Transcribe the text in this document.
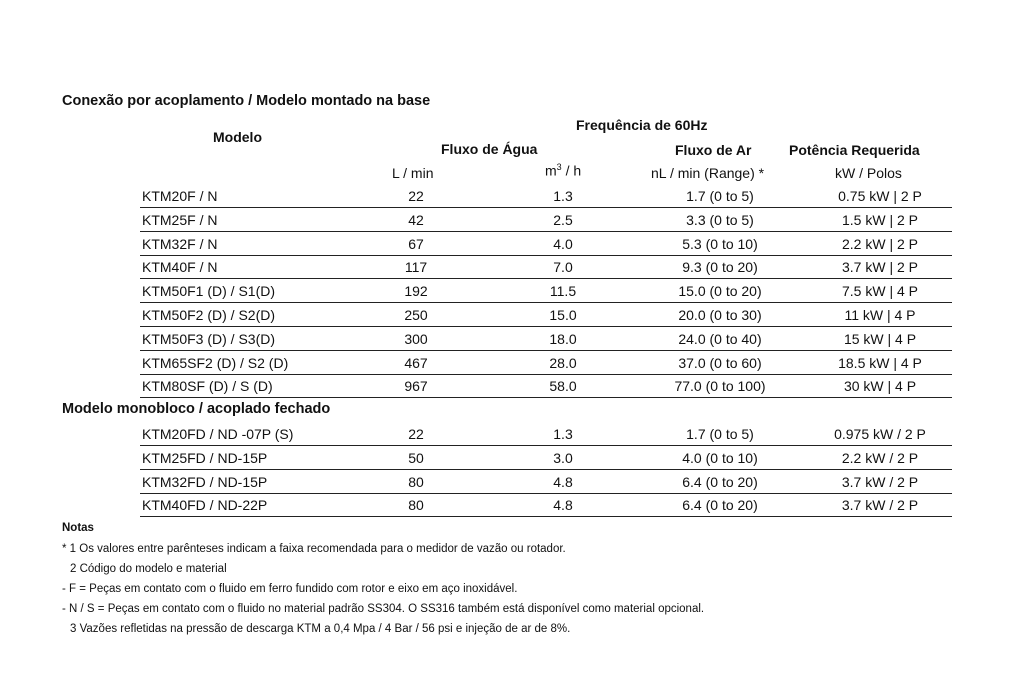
Conexão por acoplamento / Modelo montado na base
Modelo
Frequência de 60Hz
Fluxo de Água	Fluxo de Ar	Potência Requerida
L / min	$m^3$ / h	nL / min (Range) *	kW / Polos
KTM20F / N	22	1.3	1.7 (0 to 5)	0.75 kW | 2 P
KTM25F / N	42	2.5	3.3 (0 to 5)	1.5 kW | 2 P
KTM32F / N	67	4.0	5.3 (0 to 10)	2.2 kW | 2 P
KTM40F / N	117	7.0	9.3 (0 to 20)	3.7 kW | 2 P
KTM50F1 (D) / S1(D)	192	11.5	15.0 (0 to 20)	7.5 kW | 4 P
KTM50F2 (D) / S2(D)	250	15.0	20.0 (0 to 30)	11 kW | 4 P
KTM50F3 (D) / S3(D)	300	18.0	24.0 (0 to 40)	15 kW | 4 P
KTM65SF2 (D) / S2 (D)	467	28.0	37.0 (0 to 60)	18.5 kW | 4 P
KTM80SF (D) / S (D)	967	58.0	77.0 (0 to 100)	30 kW | 4 P
Modelo monobloco / acoplado fechado
KTM20FD / ND -07P (S)	22	1.3	1.7 (0 to 5)	0.975 kW / 2 P
KTM25FD / ND-15P	50	3.0	4.0 (0 to 10)	2.2 kW / 2 P
KTM32FD / ND-15P	80	4.8	6.4 (0 to 20)	3.7 kW / 2 P
KTM40FD / ND-22P	80	4.8	6.4 (0 to 20)	3.7 kW / 2 P
Notas
* 1 Os valores entre parênteses indicam a faixa recomendada para o medidor de vazão ou rotador.
2 Código do modelo e material
- F = Peças em contato com o fluido em ferro fundido com rotor e eixo em aço inoxidável.
- N / S = Peças em contato com o fluido no material padrão SS304. O SS316 também está disponível como material opcional.
3 Vazões refletidas na pressão de descarga KTM a 0,4 Mpa / 4 Bar / 56 psi e injeção de ar de 8%.
